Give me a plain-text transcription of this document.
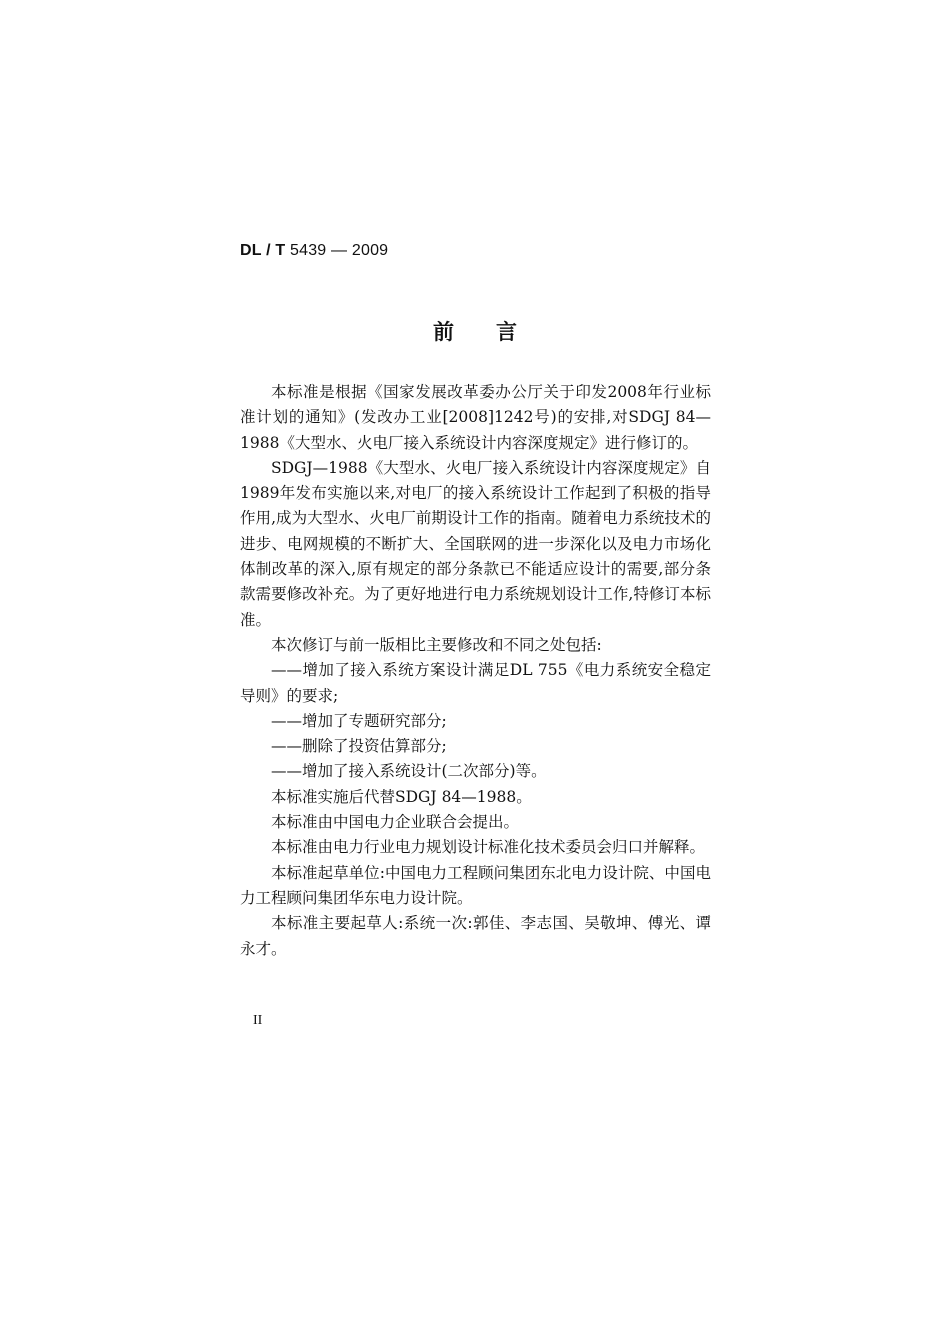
DL / T 5439 — 2009
前言

本标准是根据《国家发展改革委办公厅关于印发2008年行业标准计划的通知》(发改办工业[2008]1242号)的安排,对SDGJ 84—1988《大型水、火电厂接入系统设计内容深度规定》进行修订的。

SDGJ—1988《大型水、火电厂接入系统设计内容深度规定》自1989年发布实施以来,对电厂的接入系统设计工作起到了积极的指导作用,成为大型水、火电厂前期设计工作的指南。随着电力系统技术的进步、电网规模的不断扩大、全国联网的进一步深化以及电力市场化体制改革的深入,原有规定的部分条款已不能适应设计的需要,部分条款需要修改补充。为了更好地进行电力系统规划设计工作,特修订本标准。

本次修订与前一版相比主要修改和不同之处包括:

——增加了接入系统方案设计满足DL 755《电力系统安全稳定导则》的要求;

——增加了专题研究部分;

——删除了投资估算部分;

——增加了接入系统设计(二次部分)等。

本标准实施后代替SDGJ 84—1988。

本标准由中国电力企业联合会提出。

本标准由电力行业电力规划设计标准化技术委员会归口并解释。

本标准起草单位:中国电力工程顾问集团东北电力设计院、中国电力工程顾问集团华东电力设计院。

本标准主要起草人:系统一次:郭佳、李志国、吴敬坤、傅光、谭永才。

II
